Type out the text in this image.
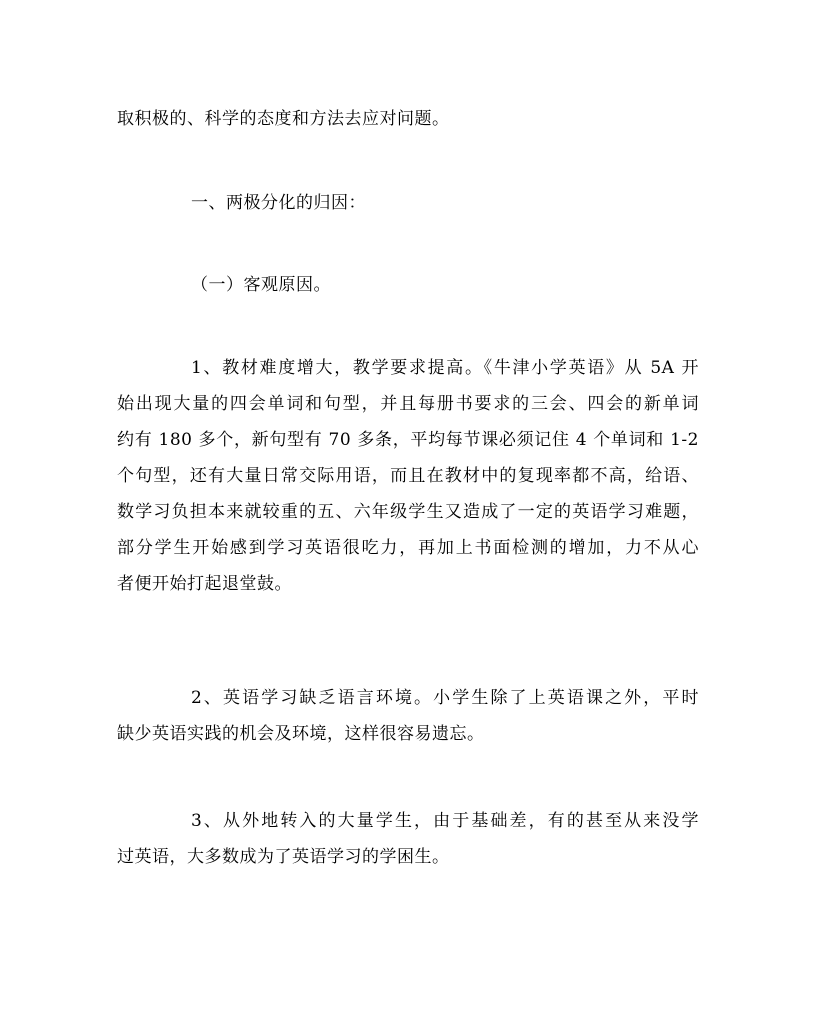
取积极的、科学的态度和方法去应对问题。
一、两极分化的归因：
（一）客观原因。
1、教材难度增大，教学要求提高。《牛津小学英语》从 5A 开
始出现大量的四会单词和句型，并且每册书要求的三会、四会的新单词
约有 180 多个，新句型有 70 多条，平均每节课必须记住 4 个单词和 1-2
个句型，还有大量日常交际用语，而且在教材中的复现率都不高，给语、
数学习负担本来就较重的五、六年级学生又造成了一定的英语学习难题，
部分学生开始感到学习英语很吃力，再加上书面检测的增加，力不从心
者便开始打起退堂鼓。
2、英语学习缺乏语言环境。小学生除了上英语课之外，平时
缺少英语实践的机会及环境，这样很容易遗忘。
3、从外地转入的大量学生，由于基础差，有的甚至从来没学
过英语，大多数成为了英语学习的学困生。
